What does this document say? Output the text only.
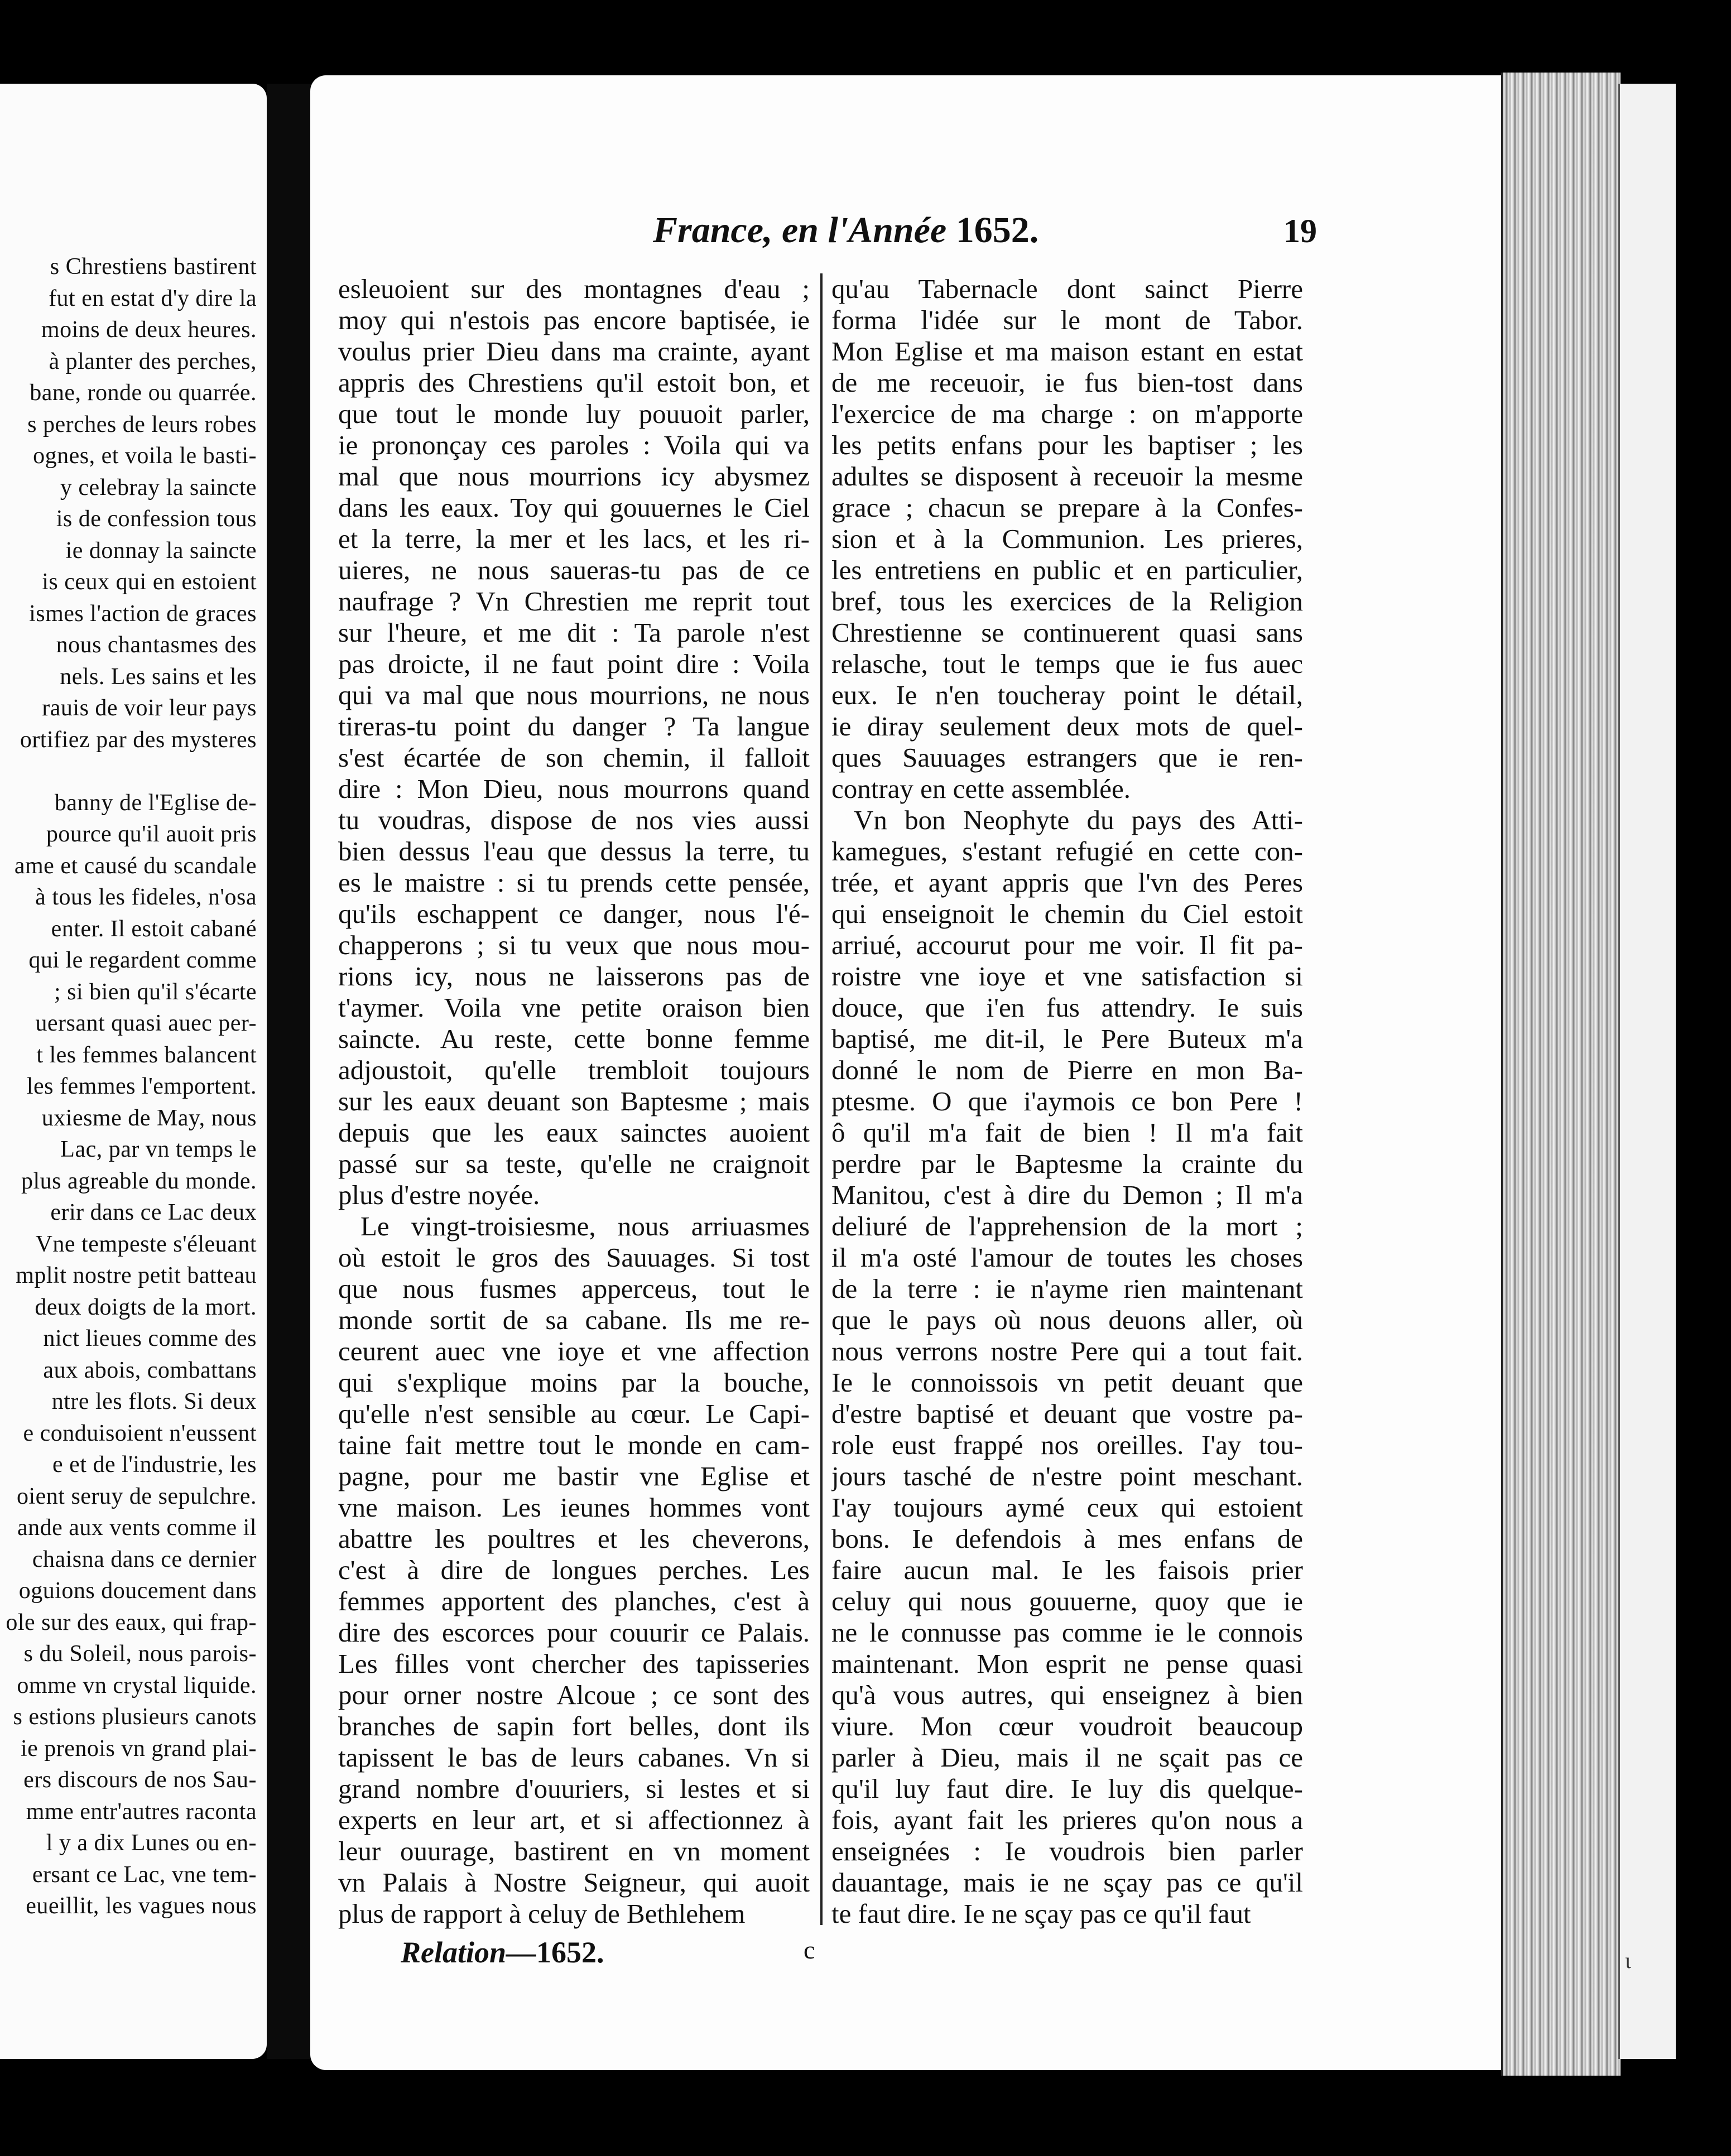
s Chrestiens bastirent
fut en estat d'y dire la
moins de deux heures.
à planter des perches,
bane, ronde ou quarrée.
s perches de leurs robes
ognes, et voila le basti-
y celebray la saincte
is de confession tous
ie donnay la saincte
is ceux qui en estoient
ismes l'action de graces
nous chantasmes des
nels. Les sains et les
rauis de voir leur pays
ortifiez par des mysteres
banny de l'Eglise de-
pource qu'il auoit pris
ame et causé du scandale
à tous les fideles, n'osa
enter. Il estoit cabané
qui le regardent comme
; si bien qu'il s'écarte
uersant quasi auec per-
t les femmes balancent
les femmes l'emportent.
uxiesme de May, nous
Lac, par vn temps le
plus agreable du monde.
erir dans ce Lac deux
Vne tempeste s'éleuant
mplit nostre petit batteau
deux doigts de la mort.
nict lieues comme des
aux abois, combattans
ntre les flots. Si deux
e conduisoient n'eussent
e et de l'industrie, les
oient seruy de sepulchre.
ande aux vents comme il
chaisna dans ce dernier
oguions doucement dans
ole sur des eaux, qui frap-
s du Soleil, nous parois-
omme vn crystal liquide.
s estions plusieurs canots
ie prenois vn grand plai-
ers discours de nos Sau-
mme entr'autres raconta
l y a dix Lunes ou en-
ersant ce Lac, vne tem-
eueillit, les vagues nous
France, en l'Année 1652.	19
esleuoient sur des montagnes d'eau ;
moy qui n'estois pas encore baptisée, ie
voulus prier Dieu dans ma crainte, ayant
appris des Chrestiens qu'il estoit bon, et
que tout le monde luy pouuoit parler,
ie prononçay ces paroles : Voila qui va
mal que nous mourrions icy abysmez
dans les eaux. Toy qui gouuernes le Ciel
et la terre, la mer et les lacs, et les ri-
uieres, ne nous saueras-tu pas de ce
naufrage ? Vn Chrestien me reprit tout
sur l'heure, et me dit : Ta parole n'est
pas droicte, il ne faut point dire : Voila
qui va mal que nous mourrions, ne nous
tireras-tu point du danger ? Ta langue
s'est écartée de son chemin, il falloit
dire : Mon Dieu, nous mourrons quand
tu voudras, dispose de nos vies aussi
bien dessus l'eau que dessus la terre, tu
es le maistre : si tu prends cette pensée,
qu'ils eschappent ce danger, nous l'é-
chapperons ; si tu veux que nous mou-
rions icy, nous ne laisserons pas de
t'aymer. Voila vne petite oraison bien
saincte. Au reste, cette bonne femme
adjoustoit, qu'elle trembloit toujours
sur les eaux deuant son Baptesme ; mais
depuis que les eaux sainctes auoient
passé sur sa teste, qu'elle ne craignoit
plus d'estre noyée.
Le vingt-troisiesme, nous arriuasmes
où estoit le gros des Sauuages. Si tost
que nous fusmes apperceus, tout le
monde sortit de sa cabane. Ils me re-
ceurent auec vne ioye et vne affection
qui s'explique moins par la bouche,
qu'elle n'est sensible au cœur. Le Capi-
taine fait mettre tout le monde en cam-
pagne, pour me bastir vne Eglise et
vne maison. Les ieunes hommes vont
abattre les poultres et les cheverons,
c'est à dire de longues perches. Les
femmes apportent des planches, c'est à
dire des escorces pour couurir ce Palais.
Les filles vont chercher des tapisseries
pour orner nostre Alcoue ; ce sont des
branches de sapin fort belles, dont ils
tapissent le bas de leurs cabanes. Vn si
grand nombre d'ouuriers, si lestes et si
experts en leur art, et si affectionnez à
leur ouurage, bastirent en vn moment
vn Palais à Nostre Seigneur, qui auoit
plus de rapport à celuy de Bethlehem
qu'au Tabernacle dont sainct Pierre
forma l'idée sur le mont de Tabor.
Mon Eglise et ma maison estant en estat
de me receuoir, ie fus bien-tost dans
l'exercice de ma charge : on m'apporte
les petits enfans pour les baptiser ; les
adultes se disposent à receuoir la mesme
grace ; chacun se prepare à la Confes-
sion et à la Communion. Les prieres,
les entretiens en public et en particulier,
bref, tous les exercices de la Religion
Chrestienne se continuerent quasi sans
relasche, tout le temps que ie fus auec
eux. Ie n'en toucheray point le détail,
ie diray seulement deux mots de quel-
ques Sauuages estrangers que ie ren-
contray en cette assemblée.
Vn bon Neophyte du pays des Atti-
kamegues, s'estant refugié en cette con-
trée, et ayant appris que l'vn des Peres
qui enseignoit le chemin du Ciel estoit
arriué, accourut pour me voir. Il fit pa-
roistre vne ioye et vne satisfaction si
douce, que i'en fus attendry. Ie suis
baptisé, me dit-il, le Pere Buteux m'a
donné le nom de Pierre en mon Ba-
ptesme. O que i'aymois ce bon Pere !
ô qu'il m'a fait de bien ! Il m'a fait
perdre par le Baptesme la crainte du
Manitou, c'est à dire du Demon ; Il m'a
deliuré de l'apprehension de la mort ;
il m'a osté l'amour de toutes les choses
de la terre : ie n'ayme rien maintenant
que le pays où nous deuons aller, où
nous verrons nostre Pere qui a tout fait.
Ie le connoissois vn petit deuant que
d'estre baptisé et deuant que vostre pa-
role eust frappé nos oreilles. I'ay tou-
jours tasché de n'estre point meschant.
I'ay toujours aymé ceux qui estoient
bons. Ie defendois à mes enfans de
faire aucun mal. Ie les faisois prier
celuy qui nous gouuerne, quoy que ie
ne le connusse pas comme ie le connois
maintenant. Mon esprit ne pense quasi
qu'à vous autres, qui enseignez à bien
viure. Mon cœur voudroit beaucoup
parler à Dieu, mais il ne sçait pas ce
qu'il luy faut dire. Ie luy dis quelque-
fois, ayant fait les prieres qu'on nous a
enseignées : Ie voudrois bien parler
dauantage, mais ie ne sçay pas ce qu'il
te faut dire. Ie ne sçay pas ce qu'il faut
Relation—1652.	c	ι
